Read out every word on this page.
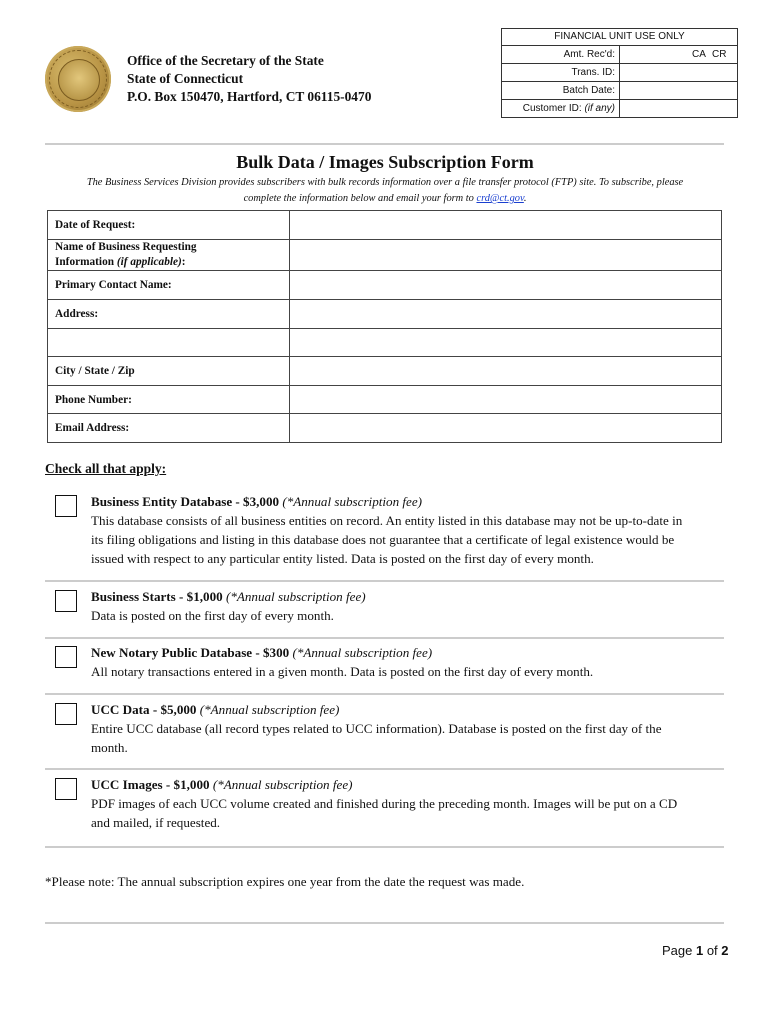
Office of the Secretary of the State
State of Connecticut
P.O. Box 150470, Hartford, CT 06115-0470
FINANCIAL UNIT USE ONLY
Amt. Rec'd:	CA CR
Trans. ID:
Batch Date:
Customer ID: (if any)
Bulk Data / Images Subscription Form
The Business Services Division provides subscribers with bulk records information over a file transfer protocol (FTP) site. To subscribe, please
complete the information below and email your form to crd@ct.gov.
Date of Request:	
Name of Business Requesting
Information (if applicable):	
Primary Contact Name:	
Address:	

City / State / Zip	
Phone Number:	
Email Address:	
Check all that apply:
Business Entity Database - $3,000 (*Annual subscription fee)
This database consists of all business entities on record. An entity listed in this database may not be up-to-date in
its filing obligations and listing in this database does not guarantee that a certificate of legal existence would be
issued with respect to any particular entity listed. Data is posted on the first day of every month.
Business Starts - $1,000 (*Annual subscription fee)
Data is posted on the first day of every month.
New Notary Public Database - $300 (*Annual subscription fee)
All notary transactions entered in a given month. Data is posted on the first day of every month.
UCC Data - $5,000 (*Annual subscription fee)
Entire UCC database (all record types related to UCC information). Database is posted on the first day of the
month.
UCC Images - $1,000 (*Annual subscription fee)
PDF images of each UCC volume created and finished during the preceding month. Images will be put on a CD
and mailed, if requested.
*Please note: The annual subscription expires one year from the date the request was made.
Page 1 of 2
